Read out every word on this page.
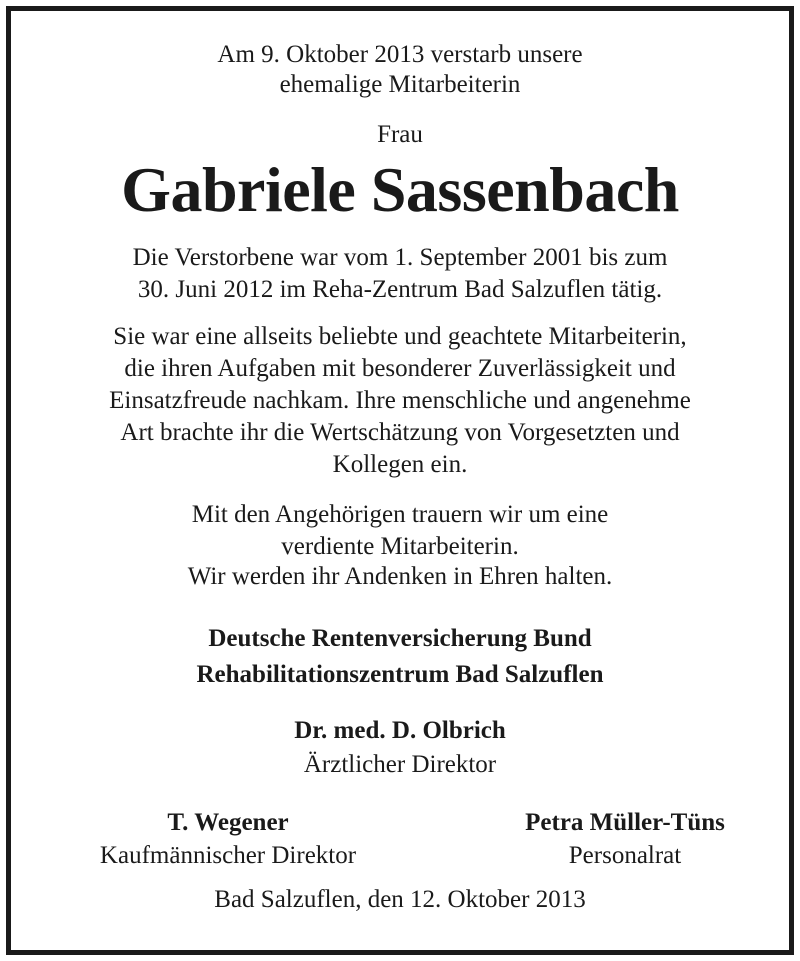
Am 9. Oktober 2013 verstarb unsere
ehemalige Mitarbeiterin
Frau
Gabriele Sassenbach
Die Verstorbene war vom 1. September 2001 bis zum
30. Juni 2012 im Reha-Zentrum Bad Salzuflen tätig.
Sie war eine allseits beliebte und geachtete Mitarbeiterin,
die ihren Aufgaben mit besonderer Zuverlässigkeit und
Einsatzfreude nachkam. Ihre menschliche und angenehme
Art brachte ihr die Wertschätzung von Vorgesetzten und
Kollegen ein.
Mit den Angehörigen trauern wir um eine
verdiente Mitarbeiterin.
Wir werden ihr Andenken in Ehren halten.
Deutsche Rentenversicherung Bund
Rehabilitationszentrum Bad Salzuflen
Dr. med. D. Olbrich
Ärztlicher Direktor
T. Wegener
Kaufmännischer Direktor
Petra Müller-Tüns
Personalrat
Bad Salzuflen, den 12. Oktober 2013
